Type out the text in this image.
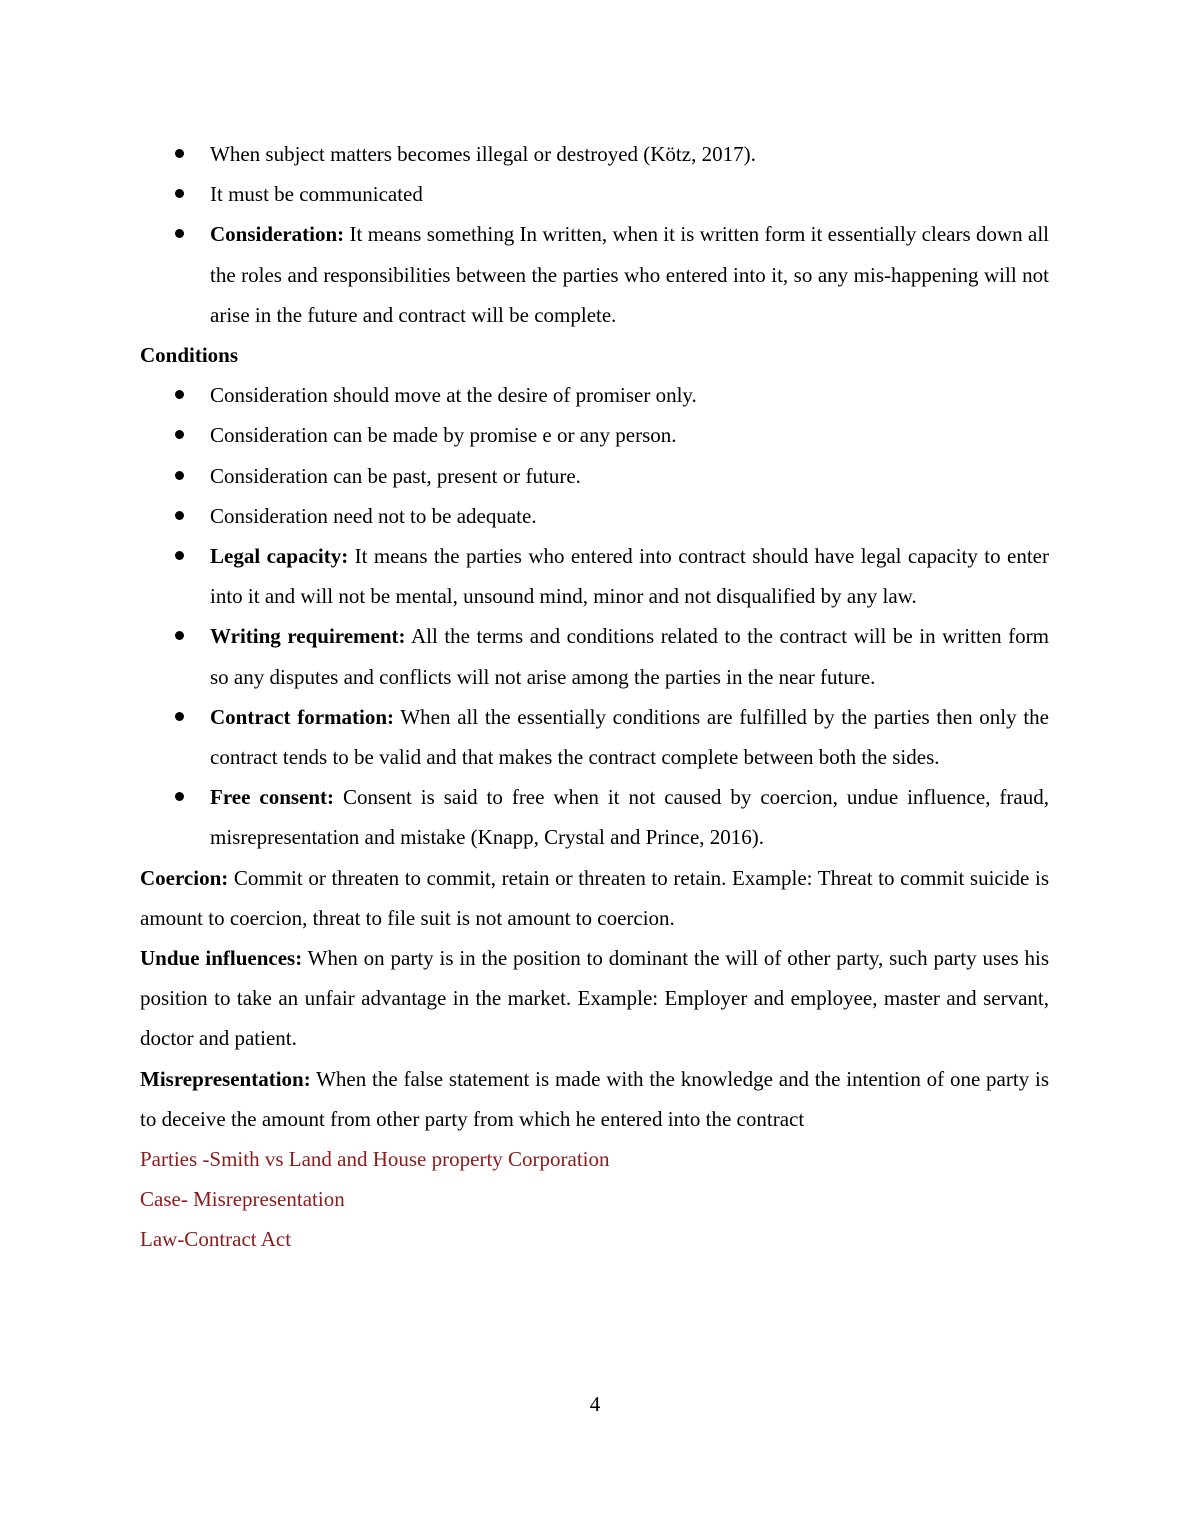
When subject matters becomes illegal or destroyed (Kötz, 2017).
It must be communicated
Consideration: It means something In written, when it is written form it essentially clears down all the roles and responsibilities between the parties who entered into it, so any mis-happening will not arise in the future and contract will be complete.

Conditions

Consideration should move at the desire of promiser only.
Consideration can be made by promise e or any person.
Consideration can be past, present or future.
Consideration need not to be adequate.
Legal capacity: It means the parties who entered into contract should have legal capacity to enter into it and will not be mental, unsound mind, minor and not disqualified by any law.
Writing requirement: All the terms and conditions related to the contract will be in written form so any disputes and conflicts will not arise among the parties in the near future.
Contract formation: When all the essentially conditions are fulfilled by the parties then only the contract tends to be valid and that makes the contract complete between both the sides.
Free consent: Consent is said to free when it not caused by coercion, undue influence, fraud, misrepresentation and mistake (Knapp, Crystal and Prince, 2016).

Coercion: Commit or threaten to commit, retain or threaten to retain. Example: Threat to commit suicide is amount to coercion, threat to file suit is not amount to coercion.

Undue influences: When on party is in the position to dominant the will of other party, such party uses his position to take an unfair advantage in the market. Example: Employer and employee, master and servant, doctor and patient.

Misrepresentation: When the false statement is made with the knowledge and the intention of one party is to deceive the amount from other party from which he entered into the contract

Parties -Smith vs Land and House property Corporation

Case- Misrepresentation

Law-Contract Act

4
